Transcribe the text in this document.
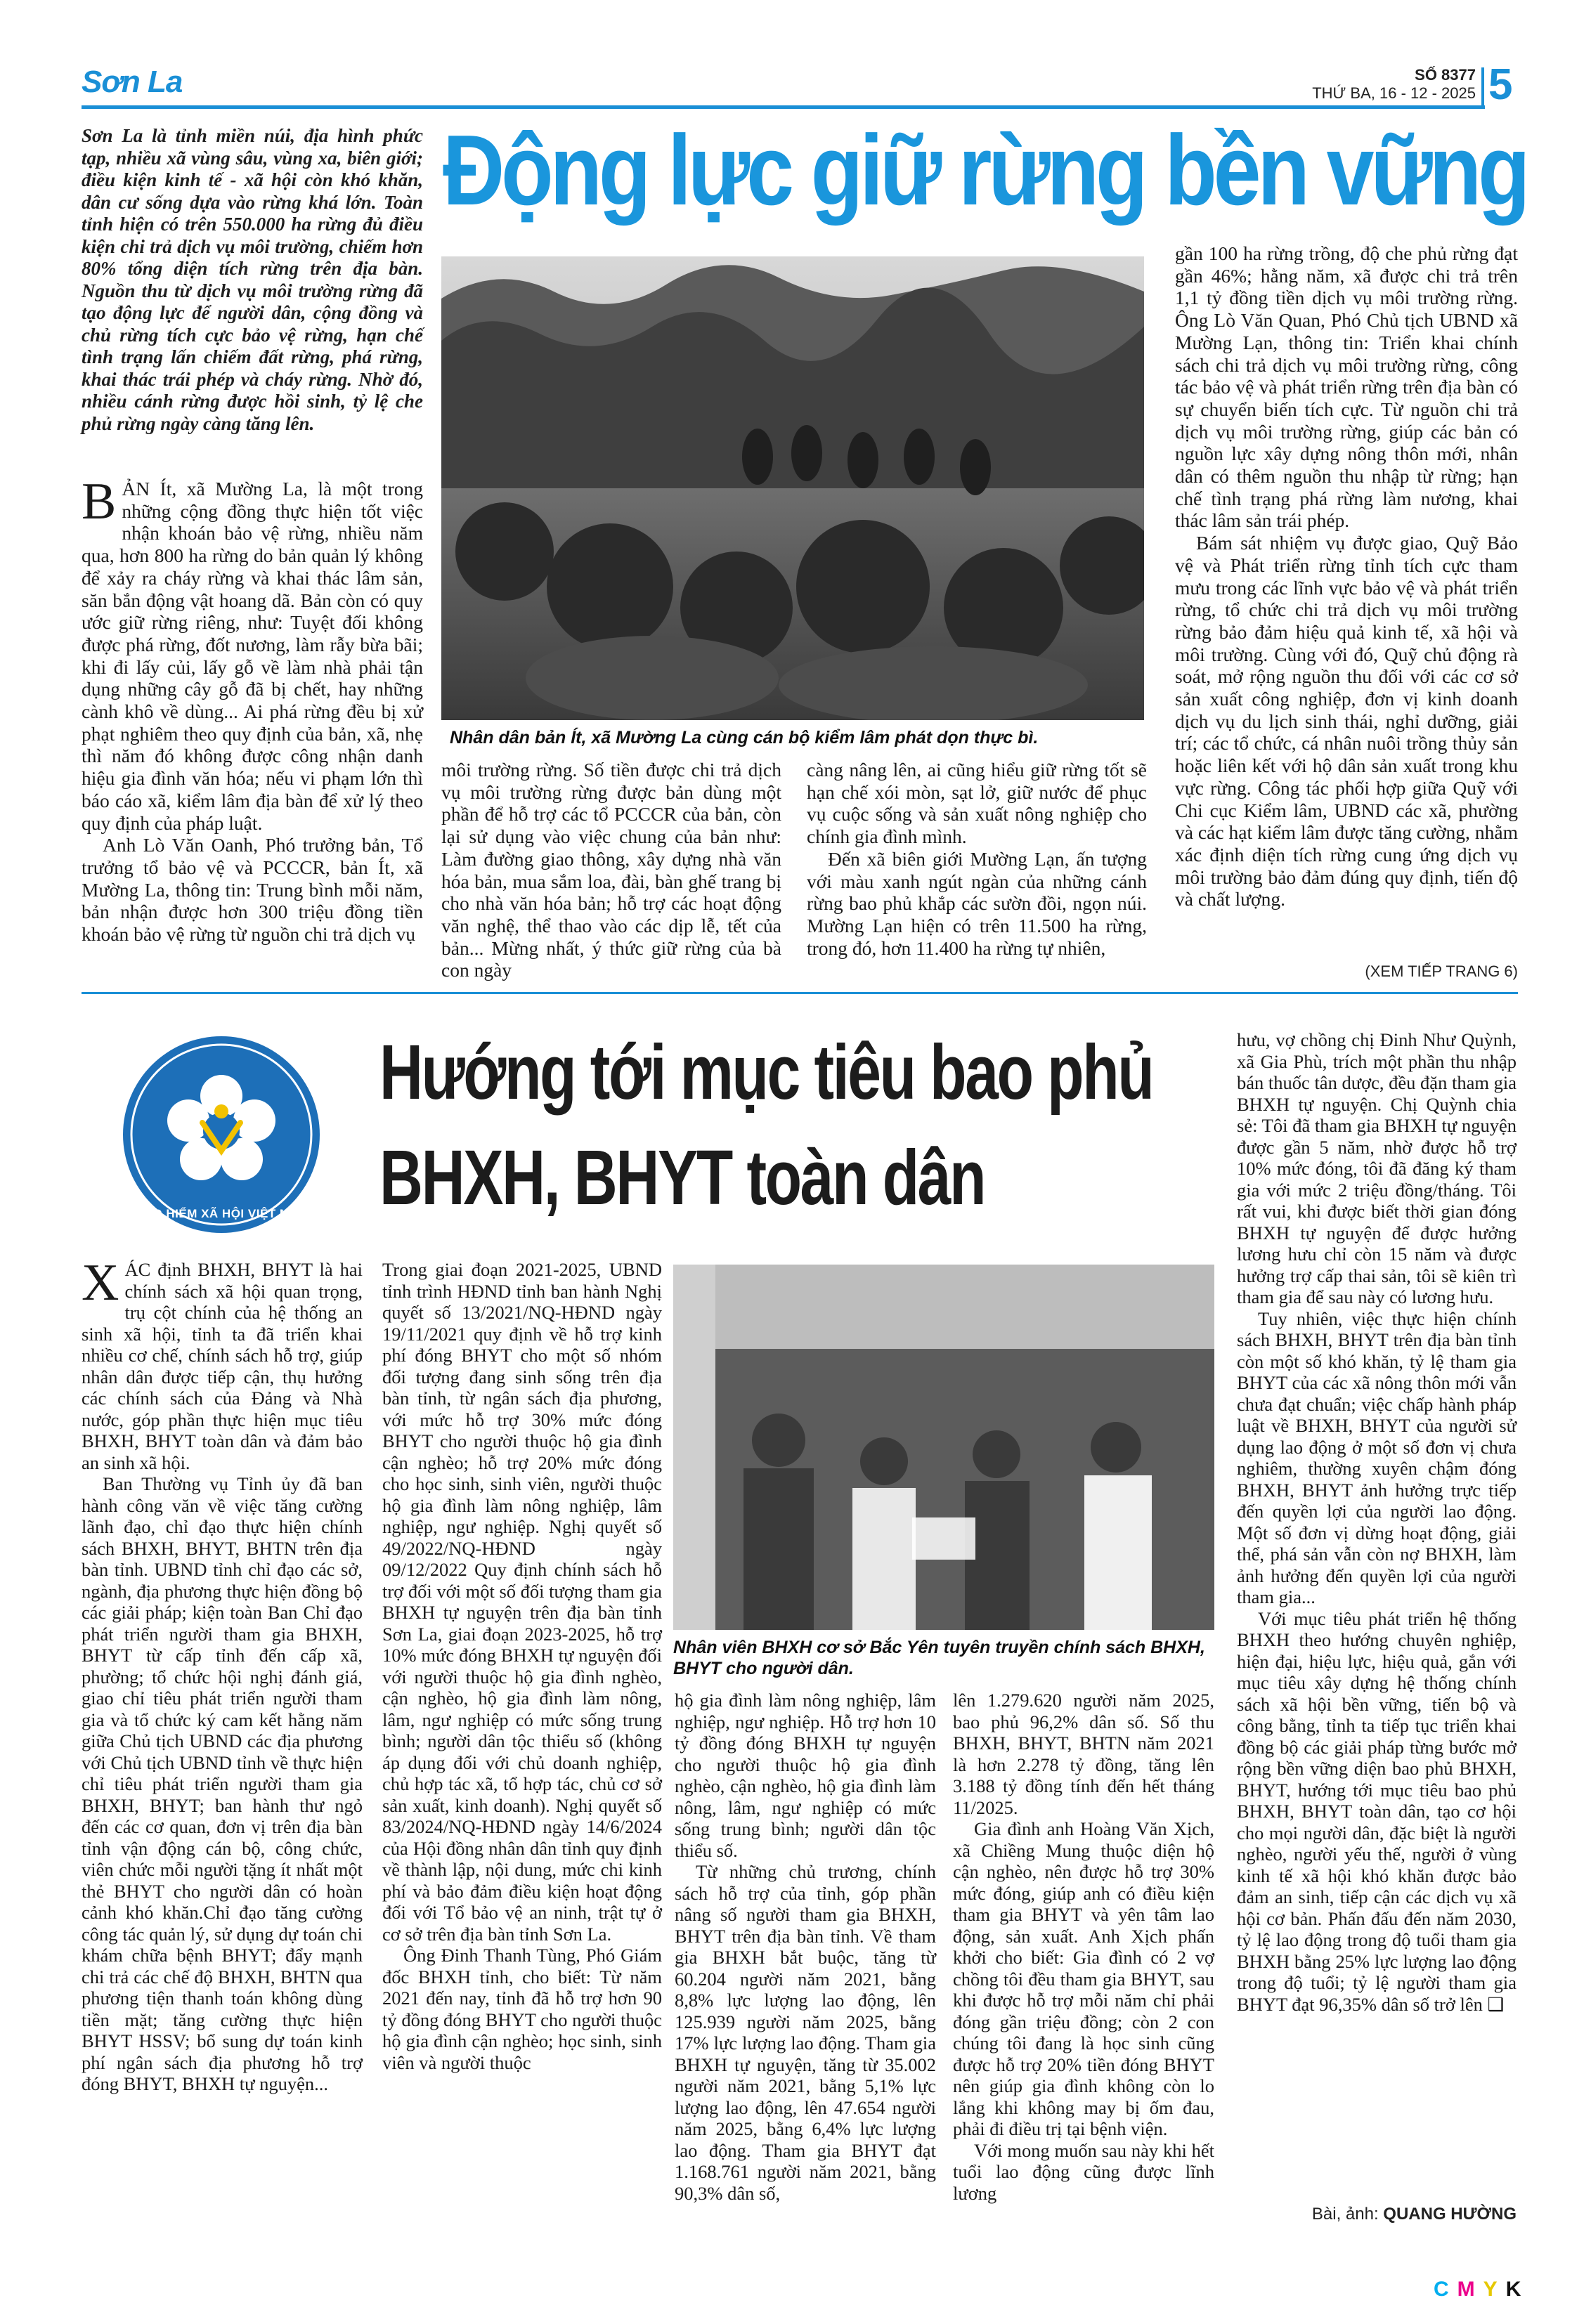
Sơn La	SỐ 8377
THỨ BA, 16 - 12 - 2025 5
Sơn La là tỉnh miền núi, địa hình phức tạp, nhiều xã vùng sâu, vùng xa, biên giới; điều kiện kinh tế - xã hội còn khó khăn, dân cư sống dựa vào rừng khá lớn. Toàn tỉnh hiện có trên 550.000 ha rừng đủ điều kiện chi trả dịch vụ môi trường, chiếm hơn 80% tổng diện tích rừng trên địa bàn. Nguồn thu từ dịch vụ môi trường rừng đã tạo động lực để người dân, cộng đồng và chủ rừng tích cực bảo vệ rừng, hạn chế tình trạng lấn chiếm đất rừng, phá rừng, khai thác trái phép và cháy rừng. Nhờ đó, nhiều cánh rừng được hồi sinh, tỷ lệ che phủ rừng ngày càng tăng lên.
Động lực giữ rừng bền vững

BẢN Ít, xã Mường La, là một trong những cộng đồng thực hiện tốt việc nhận khoán bảo vệ rừng, nhiều năm qua, hơn 800 ha rừng do bản quản lý không để xảy ra cháy rừng và khai thác lâm sản, săn bắn động vật hoang dã. Bản còn có quy ước giữ rừng riêng, như: Tuyệt đối không được phá rừng, đốt nương, làm rẫy bừa bãi; khi đi lấy củi, lấy gỗ về làm nhà phải tận dụng những cây gỗ đã bị chết, hay những cành khô về dùng... Ai phá rừng đều bị xử phạt nghiêm theo quy định của bản, xã, nhẹ thì năm đó không được công nhận danh hiệu gia đình văn hóa; nếu vi phạm lớn thì báo cáo xã, kiểm lâm địa bàn để xử lý theo quy định của pháp luật.

Anh Lò Văn Oanh, Phó trưởng bản, Tổ trưởng tổ bảo vệ và PCCCR, bản Ít, xã Mường La, thông tin: Trung bình mỗi năm, bản nhận được hơn 300 triệu đồng tiền khoán bảo vệ rừng từ nguồn chi trả dịch vụ

Nhân dân bản Ít, xã Mường La cùng cán bộ kiểm lâm phát dọn thực bì.

môi trường rừng. Số tiền được chi trả dịch vụ môi trường rừng được bản dùng một phần để hỗ trợ các tổ PCCCR của bản, còn lại sử dụng vào việc chung của bản như: Làm đường giao thông, xây dựng nhà văn hóa bản, mua sắm loa, đài, bàn ghế trang bị cho nhà văn hóa bản; hỗ trợ các hoạt động văn nghệ, thể thao vào các dịp lễ, tết của bản... Mừng nhất, ý thức giữ rừng của bà con ngày

càng nâng lên, ai cũng hiểu giữ rừng tốt sẽ hạn chế xói mòn, sạt lở, giữ nước để phục vụ cuộc sống và sản xuất nông nghiệp cho chính gia đình mình.

Đến xã biên giới Mường Lạn, ấn tượng với màu xanh ngút ngàn của những cánh rừng bao phủ khắp các sườn đồi, ngọn núi. Mường Lạn hiện có trên 11.500 ha rừng, trong đó, hơn 11.400 ha rừng tự nhiên,

gần 100 ha rừng trồng, độ che phủ rừng đạt gần 46%; hằng năm, xã được chi trả trên 1,1 tỷ đồng tiền dịch vụ môi trường rừng. Ông Lò Văn Quan, Phó Chủ tịch UBND xã Mường Lạn, thông tin: Triển khai chính sách chi trả dịch vụ môi trường rừng, công tác bảo vệ và phát triển rừng trên địa bàn có sự chuyển biến tích cực. Từ nguồn chi trả dịch vụ môi trường rừng, giúp các bản có nguồn lực xây dựng nông thôn mới, nhân dân có thêm nguồn thu nhập từ rừng; hạn chế tình trạng phá rừng làm nương, khai thác lâm sản trái phép.

Bám sát nhiệm vụ được giao, Quỹ Bảo vệ và Phát triển rừng tỉnh tích cực tham mưu trong các lĩnh vực bảo vệ và phát triển rừng, tổ chức chi trả dịch vụ môi trường rừng bảo đảm hiệu quả kinh tế, xã hội và môi trường. Cùng với đó, Quỹ chủ động rà soát, mở rộng nguồn thu đối với các cơ sở sản xuất công nghiệp, đơn vị kinh doanh dịch vụ du lịch sinh thái, nghỉ dưỡng, giải trí; các tổ chức, cá nhân nuôi trồng thủy sản hoặc liên kết với hộ dân sản xuất trong khu vực rừng. Công tác phối hợp giữa Quỹ với Chi cục Kiểm lâm, UBND các xã, phường và các hạt kiểm lâm được tăng cường, nhằm xác định diện tích rừng cung ứng dịch vụ môi trường bảo đảm đúng quy định, tiến độ và chất lượng.

(XEM TIẾP TRANG 6)
BẢO HIỂM XÃ HỘI VIỆT NAM
Hướng tới mục tiêu bao phủ
BHXH, BHYT toàn dân

XÁC định BHXH, BHYT là hai chính sách xã hội quan trọng, trụ cột chính của hệ thống an sinh xã hội, tỉnh ta đã triển khai nhiều cơ chế, chính sách hỗ trợ, giúp nhân dân được tiếp cận, thụ hưởng các chính sách của Đảng và Nhà nước, góp phần thực hiện mục tiêu BHXH, BHYT toàn dân và đảm bảo an sinh xã hội.

Ban Thường vụ Tỉnh ủy đã ban hành công văn về việc tăng cường lãnh đạo, chỉ đạo thực hiện chính sách BHXH, BHYT, BHTN trên địa bàn tỉnh. UBND tỉnh chỉ đạo các sở, ngành, địa phương thực hiện đồng bộ các giải pháp; kiện toàn Ban Chỉ đạo phát triển người tham gia BHXH, BHYT từ cấp tỉnh đến cấp xã, phường; tổ chức hội nghị đánh giá, giao chỉ tiêu phát triển người tham gia và tổ chức ký cam kết hằng năm giữa Chủ tịch UBND các địa phương với Chủ tịch UBND tỉnh về thực hiện chỉ tiêu phát triển người tham gia BHXH, BHYT; ban hành thư ngỏ đến các cơ quan, đơn vị trên địa bàn tỉnh vận động cán bộ, công chức, viên chức mỗi người tặng ít nhất một thẻ BHYT cho người dân có hoàn cảnh khó khăn.Chỉ đạo tăng cường công tác quản lý, sử dụng dự toán chi khám chữa bệnh BHYT; đẩy mạnh chi trả các chế độ BHXH, BHTN qua phương tiện thanh toán không dùng tiền mặt; tăng cường thực hiện BHYT HSSV; bổ sung dự toán kinh phí ngân sách địa phương hỗ trợ đóng BHYT, BHXH tự nguyện...

Trong giai đoạn 2021-2025, UBND tỉnh trình HĐND tỉnh ban hành Nghị quyết số 13/2021/NQ-HĐND ngày 19/11/2021 quy định về hỗ trợ kinh phí đóng BHYT cho một số nhóm đối tượng đang sinh sống trên địa bàn tỉnh, từ ngân sách địa phương, với mức hỗ trợ 30% mức đóng BHYT cho người thuộc hộ gia đình cận nghèo; hỗ trợ 20% mức đóng cho học sinh, sinh viên, người thuộc hộ gia đình làm nông nghiệp, lâm nghiệp, ngư nghiệp. Nghị quyết số 49/2022/NQ-HĐND ngày 09/12/2022 Quy định chính sách hỗ trợ đối với một số đối tượng tham gia BHXH tự nguyện trên địa bàn tỉnh Sơn La, giai đoạn 2023-2025, hỗ trợ 10% mức đóng BHXH tự nguyện đối với người thuộc hộ gia đình nghèo, cận nghèo, hộ gia đình làm nông, lâm, ngư nghiệp có mức sống trung bình; người dân tộc thiểu số (không áp dụng đối với chủ doanh nghiệp, chủ hợp tác xã, tổ hợp tác, chủ cơ sở sản xuất, kinh doanh). Nghị quyết số 83/2024/NQ-HĐND ngày 14/6/2024 của Hội đồng nhân dân tỉnh quy định về thành lập, nội dung, mức chi kinh phí và bảo đảm điều kiện hoạt động đối với Tổ bảo vệ an ninh, trật tự ở cơ sở trên địa bàn tỉnh Sơn La.

Ông Đinh Thanh Tùng, Phó Giám đốc BHXH tỉnh, cho biết: Từ năm 2021 đến nay, tỉnh đã hỗ trợ hơn 90 tỷ đồng đóng BHYT cho người thuộc hộ gia đình cận nghèo; học sinh, sinh viên và người thuộc

Nhân viên BHXH cơ sở Bắc Yên tuyên truyền chính sách BHXH, BHYT cho người dân.

hộ gia đình làm nông nghiệp, lâm nghiệp, ngư nghiệp. Hỗ trợ hơn 10 tỷ đồng đóng BHXH tự nguyện cho người thuộc hộ gia đình nghèo, cận nghèo, hộ gia đình làm nông, lâm, ngư nghiệp có mức sống trung bình; người dân tộc thiểu số.

Từ những chủ trương, chính sách hỗ trợ của tỉnh, góp phần nâng số người tham gia BHXH, BHYT trên địa bàn tỉnh. Về tham gia BHXH bắt buộc, tăng từ 60.204 người năm 2021, bằng 8,8% lực lượng lao động, lên 125.939 người năm 2025, bằng 17% lực lượng lao động. Tham gia BHXH tự nguyện, tăng từ 35.002 người năm 2021, bằng 5,1% lực lượng lao động, lên 47.654 người năm 2025, bằng 6,4% lực lượng lao động. Tham gia BHYT đạt 1.168.761 người năm 2021, bằng 90,3% dân số,

lên 1.279.620 người năm 2025, bao phủ 96,2% dân số. Số thu BHXH, BHYT, BHTN năm 2021 là hơn 2.278 tỷ đồng, tăng lên 3.188 tỷ đồng tính đến hết tháng 11/2025.

Gia đình anh Hoàng Văn Xịch, xã Chiềng Mung thuộc diện hộ cận nghèo, nên được hỗ trợ 30% mức đóng, giúp anh có điều kiện tham gia BHYT và yên tâm lao động, sản xuất. Anh Xịch phấn khởi cho biết: Gia đình có 2 vợ chồng tôi đều tham gia BHYT, sau khi được hỗ trợ mỗi năm chỉ phải đóng gần triệu đồng; còn 2 con chúng tôi đang là học sinh cũng được hỗ trợ 20% tiền đóng BHYT nên giúp gia đình không còn lo lắng khi không may bị ốm đau, phải đi điều trị tại bệnh viện.

Với mong muốn sau này khi hết tuổi lao động cũng được lĩnh lương

hưu, vợ chồng chị Đinh Như Quỳnh, xã Gia Phù, trích một phần thu nhập bán thuốc tân dược, đều đặn tham gia BHXH tự nguyện. Chị Quỳnh chia sẻ: Tôi đã tham gia BHXH tự nguyện được gần 5 năm, nhờ được hỗ trợ 10% mức đóng, tôi đã đăng ký tham gia với mức 2 triệu đồng/tháng. Tôi rất vui, khi được biết thời gian đóng BHXH tự nguyện để được hưởng lương hưu chỉ còn 15 năm và được hưởng trợ cấp thai sản, tôi sẽ kiên trì tham gia để sau này có lương hưu.

Tuy nhiên, việc thực hiện chính sách BHXH, BHYT trên địa bàn tỉnh còn một số khó khăn, tỷ lệ tham gia BHYT của các xã nông thôn mới vẫn chưa đạt chuẩn; việc chấp hành pháp luật về BHXH, BHYT của người sử dụng lao động ở một số đơn vị chưa nghiêm, thường xuyên chậm đóng BHXH, BHYT ảnh hưởng trực tiếp đến quyền lợi của người lao động. Một số đơn vị dừng hoạt động, giải thể, phá sản vẫn còn nợ BHXH, làm ảnh hưởng đến quyền lợi của người tham gia...

Với mục tiêu phát triển hệ thống BHXH theo hướng chuyên nghiệp, hiện đại, hiệu lực, hiệu quả, gắn với mục tiêu xây dựng hệ thống chính sách xã hội bền vững, tiến bộ và công bằng, tỉnh ta tiếp tục triển khai đồng bộ các giải pháp từng bước mở rộng bền vững diện bao phủ BHXH, BHYT, hướng tới mục tiêu bao phủ BHXH, BHYT toàn dân, tạo cơ hội cho mọi người dân, đặc biệt là người nghèo, người yếu thế, người ở vùng kinh tế xã hội khó khăn được bảo đảm an sinh, tiếp cận các dịch vụ xã hội cơ bản. Phấn đấu đến năm 2030, tỷ lệ lao động trong độ tuổi tham gia BHXH bằng 25% lực lượng lao động trong độ tuổi; tỷ lệ người tham gia BHYT đạt 96,35% dân số trở lên ❑

Bài, ảnh: QUANG HƯỜNG
CMYK
